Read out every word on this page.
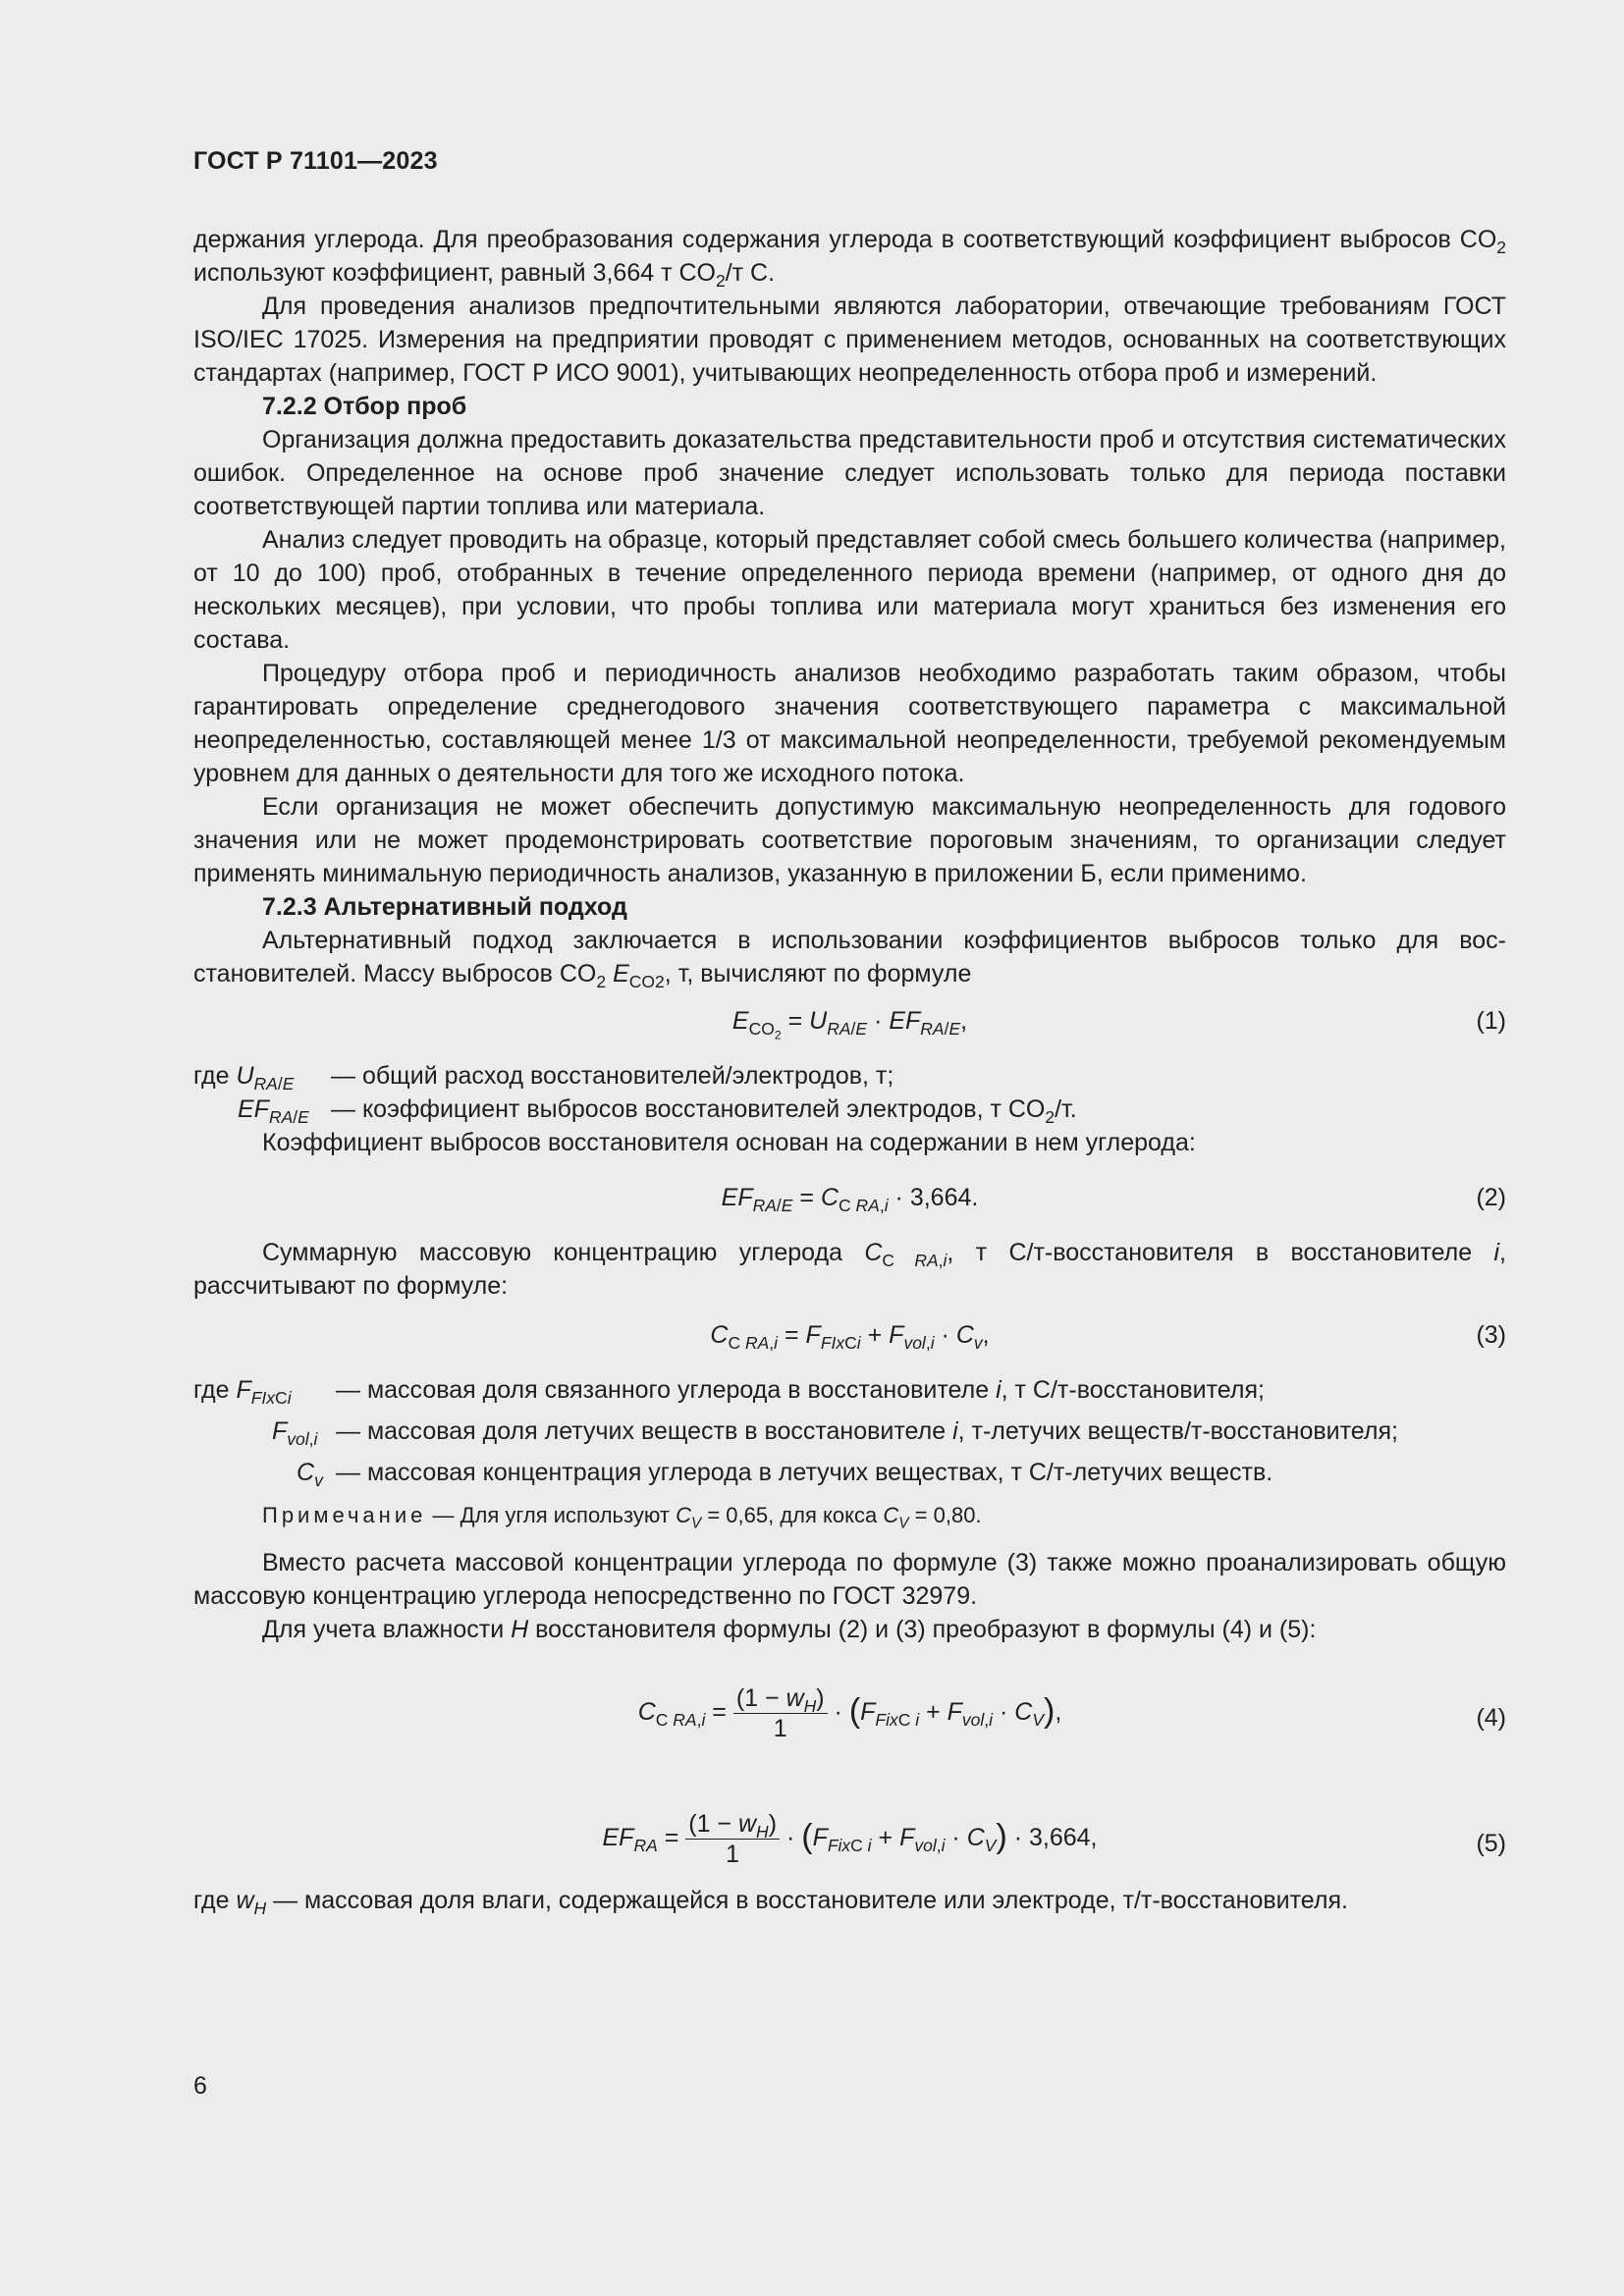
ГОСТ Р 71101—2023

держания углерода. Для преобразования содержания углерода в соответствующий коэффициент выбросов $CO_2$ используют коэффициент, равный 3,664 т $CO_2/т$ C.

Для проведения анализов предпочтительными являются лаборатории, отвечающие требованиям ГОСТ ISO/IEC 17025. Измерения на предприятии проводят с применением методов, основанных на соответствующих стандартах (например, ГОСТ Р ИСО 9001), учитывающих неопределенность отбора проб и измерений.

7.2.2 Отбор проб

Организация должна предоставить доказательства представительности проб и отсутствия систематических ошибок. Определенное на основе проб значение следует использовать только для периода поставки соответствующей партии топлива или материала.

Анализ следует проводить на образце, который представляет собой смесь большего количества (например, от 10 до 100) проб, отобранных в течение определенного периода времени (например, от одного дня до нескольких месяцев), при условии, что пробы топлива или материала могут храниться без изменения его состава.

Процедуру отбора проб и периодичность анализов необходимо разработать таким образом, чтобы гарантировать определение среднегодового значения соответствующего параметра с максимальной неопределенностью, составляющей менее 1/3 от максимальной неопределенности, требуемой рекомендуемым уровнем для данных о деятельности для того же исходного потока.

Если организация не может обеспечить допустимую максимальную неопределенность для годового значения или не может продемонстрировать соответствие пороговым значениям, то организации следует применять минимальную периодичность анализов, указанную в приложении Б, если применимо.

7.2.3 Альтернативный подход

Альтернативный подход заключается в использовании коэффициентов выбросов только для восстановителей. Массу выбросов $CO_2$ $E_{CO2}$, т, вычисляют по формуле

$E_{CO_2} = U_{RA/E} \cdot EF_{RA/E}$,	(1)
где $U_{RA/E}$ — общий расход восстановителей/электродов, т;
$EF_{RA/E}$ — коэффициент выбросов восстановителей электродов, т $CO_2/т$.

Коэффициент выбросов восстановителя основан на содержании в нем углерода:

$EF_{RA/E} = C_{C RA,i} \cdot 3,664$.	(2)

Суммарную массовую концентрацию углерода $C_{C RA,i}$, т C/т-восстановителя в восстановителе i, рассчитывают по формуле:

$C_{C RA,i} = F_{FIxCi} + F_{vol,i} \cdot C_v$,	(3)
где $F_{FIxCi}$ — массовая доля связанного углерода в восстановителе i, т C/т-восстановителя;
$F_{vol,i}$ — массовая доля летучих веществ в восстановителе i, т-летучих веществ/т-восстановителя;
$C_v$ — массовая концентрация углерода в летучих веществах, т C/т-летучих веществ.

Примечание — Для угля используют $C_V = 0,65$, для кокса $C_V = 0,80$.

Вместо расчета массовой концентрации углерода по формуле (3) также можно проанализировать общую массовую концентрацию углерода непосредственно по ГОСТ 32979.

Для учета влажности H восстановителя формулы (2) и (3) преобразуют в формулы (4) и (5):

$C_{C RA,i} = \frac{(1 - w_H)}{1} \cdot (F_{FixC i} + F_{vol,i} \cdot C_V)$,	(4)
$EF_{RA} = \frac{(1 - w_H)}{1} \cdot (F_{FixC i} + F_{vol,i} \cdot C_V) \cdot 3,664$,	(5)

где $w_H$ — массовая доля влаги, содержащейся в восстановителе или электроде, т/т-восстановителя.

6
